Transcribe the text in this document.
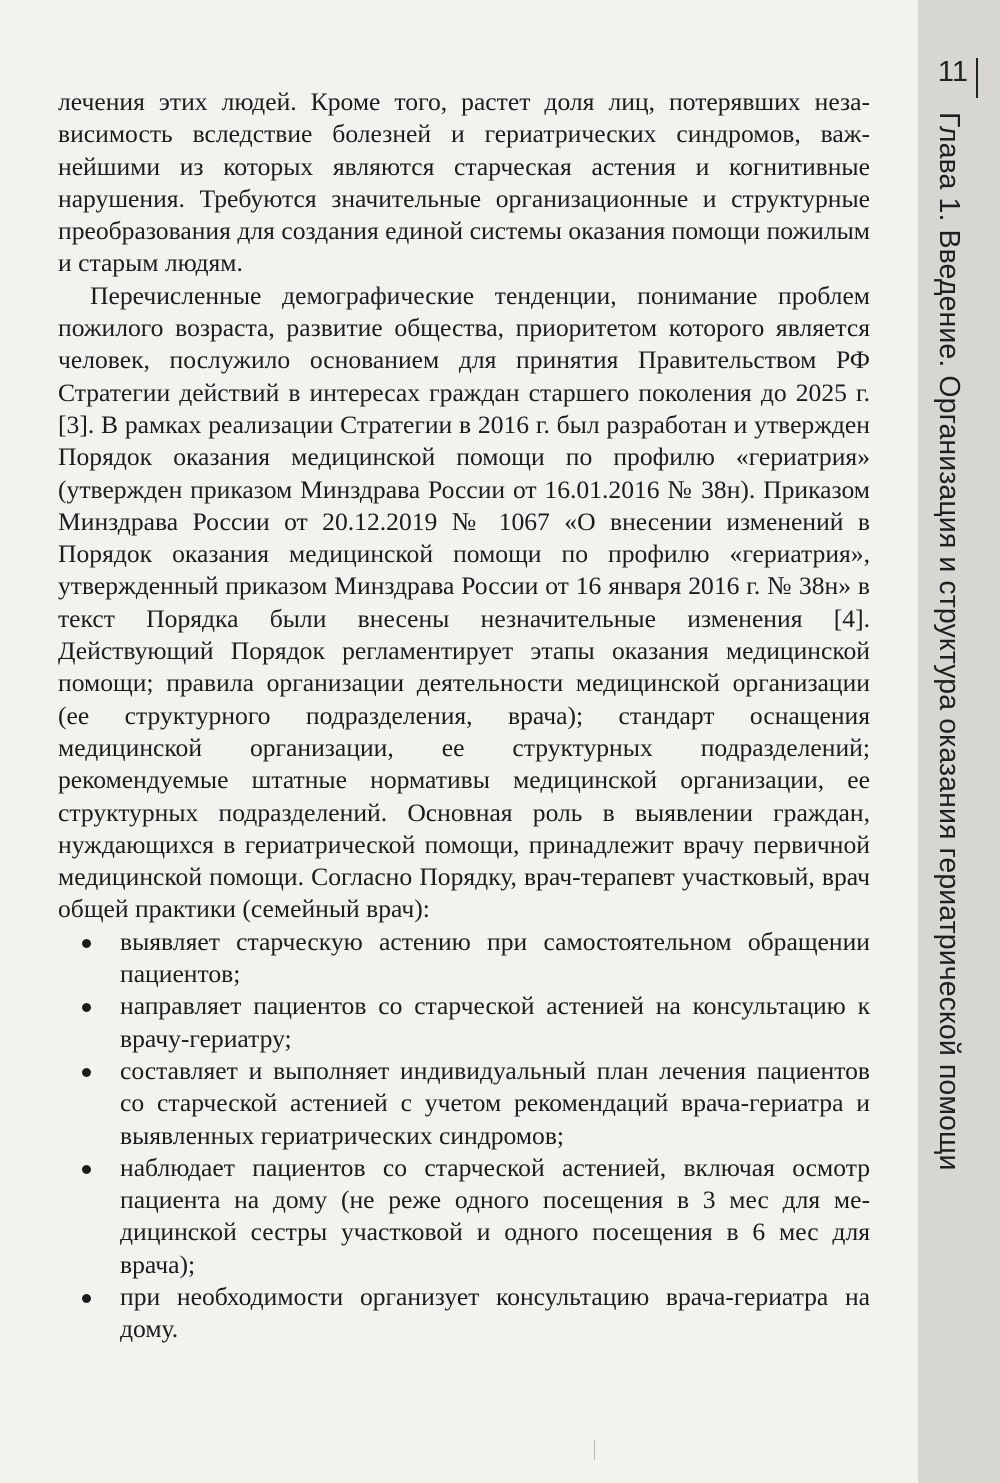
11
Глава 1. Введение. Организация и структура оказания гериатрической помощи

лечения этих людей. Кроме того, растет доля лиц, потерявших независимость вследствие болезней и гериатрических синдромов, важнейшими из которых являются старческая астения и когнитивные нарушения. Требуются значительные организационные и структурные преобразования для создания единой системы оказания помощи пожилым и старым людям.

Перечисленные демографические тенденции, понимание проблем пожилого возраста, развитие общества, приоритетом которого является человек, послужило основанием для принятия Правительством РФ Стратегии действий в интересах граждан старшего поколения до 2025 г. [3]. В рамках реализации Стратегии в 2016 г. был разработан и утвержден Порядок оказания медицинской помощи по профилю «гериатрия» (утвержден приказом Минздрава России от 16.01.2016 № 38н). Приказом Минздрава России от 20.12.2019 № 1067 «О внесении изменений в Порядок оказания медицинской помощи по профилю «гериатрия», утвержденный приказом Минздрава России от 16 января 2016 г. № 38н» в текст Порядка были внесены незначительные изменения [4]. Действующий Порядок регламентирует этапы оказания медицинской помощи; правила организации деятельности медицинской организации (ее структурного подразделения, врача); стандарт оснащения медицинской организации, ее структурных подразделений; рекомендуемые штатные нормативы медицинской организации, ее структурных подразделений. Основная роль в выявлении граждан, нуждающихся в гериатрической помощи, принадлежит врачу первичной медицинской помощи. Согласно Порядку, врач-терапевт участковый, врач общей практики (семейный врач):

выявляет старческую астению при самостоятельном обращении пациентов;
направляет пациентов со старческой астенией на консультацию к врачу-гериатру;
составляет и выполняет индивидуальный план лечения пациентов со старческой астенией с учетом рекомендаций врача-гериатра и выявленных гериатрических синдромов;
наблюдает пациентов со старческой астенией, включая осмотр пациента на дому (не реже одного посещения в 3 мес для медицинской сестры участковой и одного посещения в 6 мес для врача);
при необходимости организует консультацию врача-гериатра на дому.
